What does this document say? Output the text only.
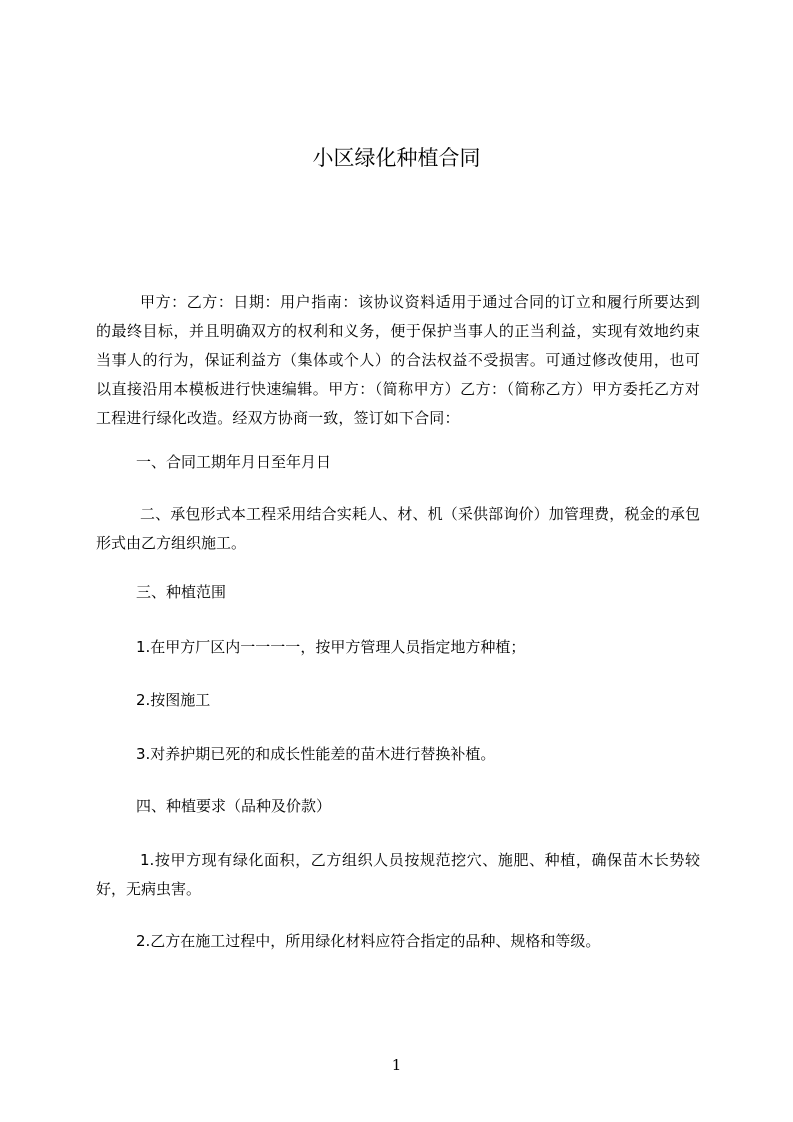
小区绿化种植合同

甲方：乙方：日期：用户指南：该协议资料适用于通过合同的订立和履行所要达到的最终目标，并且明确双方的权利和义务，便于保护当事人的正当利益，实现有效地约束当事人的行为，保证利益方（集体或个人）的合法权益不受损害。可通过修改使用，也可以直接沿用本模板进行快速编辑。甲方：（简称甲方）乙方：（简称乙方）甲方委托乙方对工程进行绿化改造。经双方协商一致，签订如下合同：

一、合同工期年月日至年月日

二、承包形式本工程采用结合实耗人、材、机（采供部询价）加管理费，税金的承包形式由乙方组织施工。

三、种植范围

1.在甲方厂区内一一一一，按甲方管理人员指定地方种植；

2.按图施工

3.对养护期已死的和成长性能差的苗木进行替换补植。

四、种植要求（品种及价款）

1.按甲方现有绿化面积，乙方组织人员按规范挖穴、施肥、种植，确保苗木长势较好，无病虫害。

2.乙方在施工过程中，所用绿化材料应符合指定的品种、规格和等级。

1
